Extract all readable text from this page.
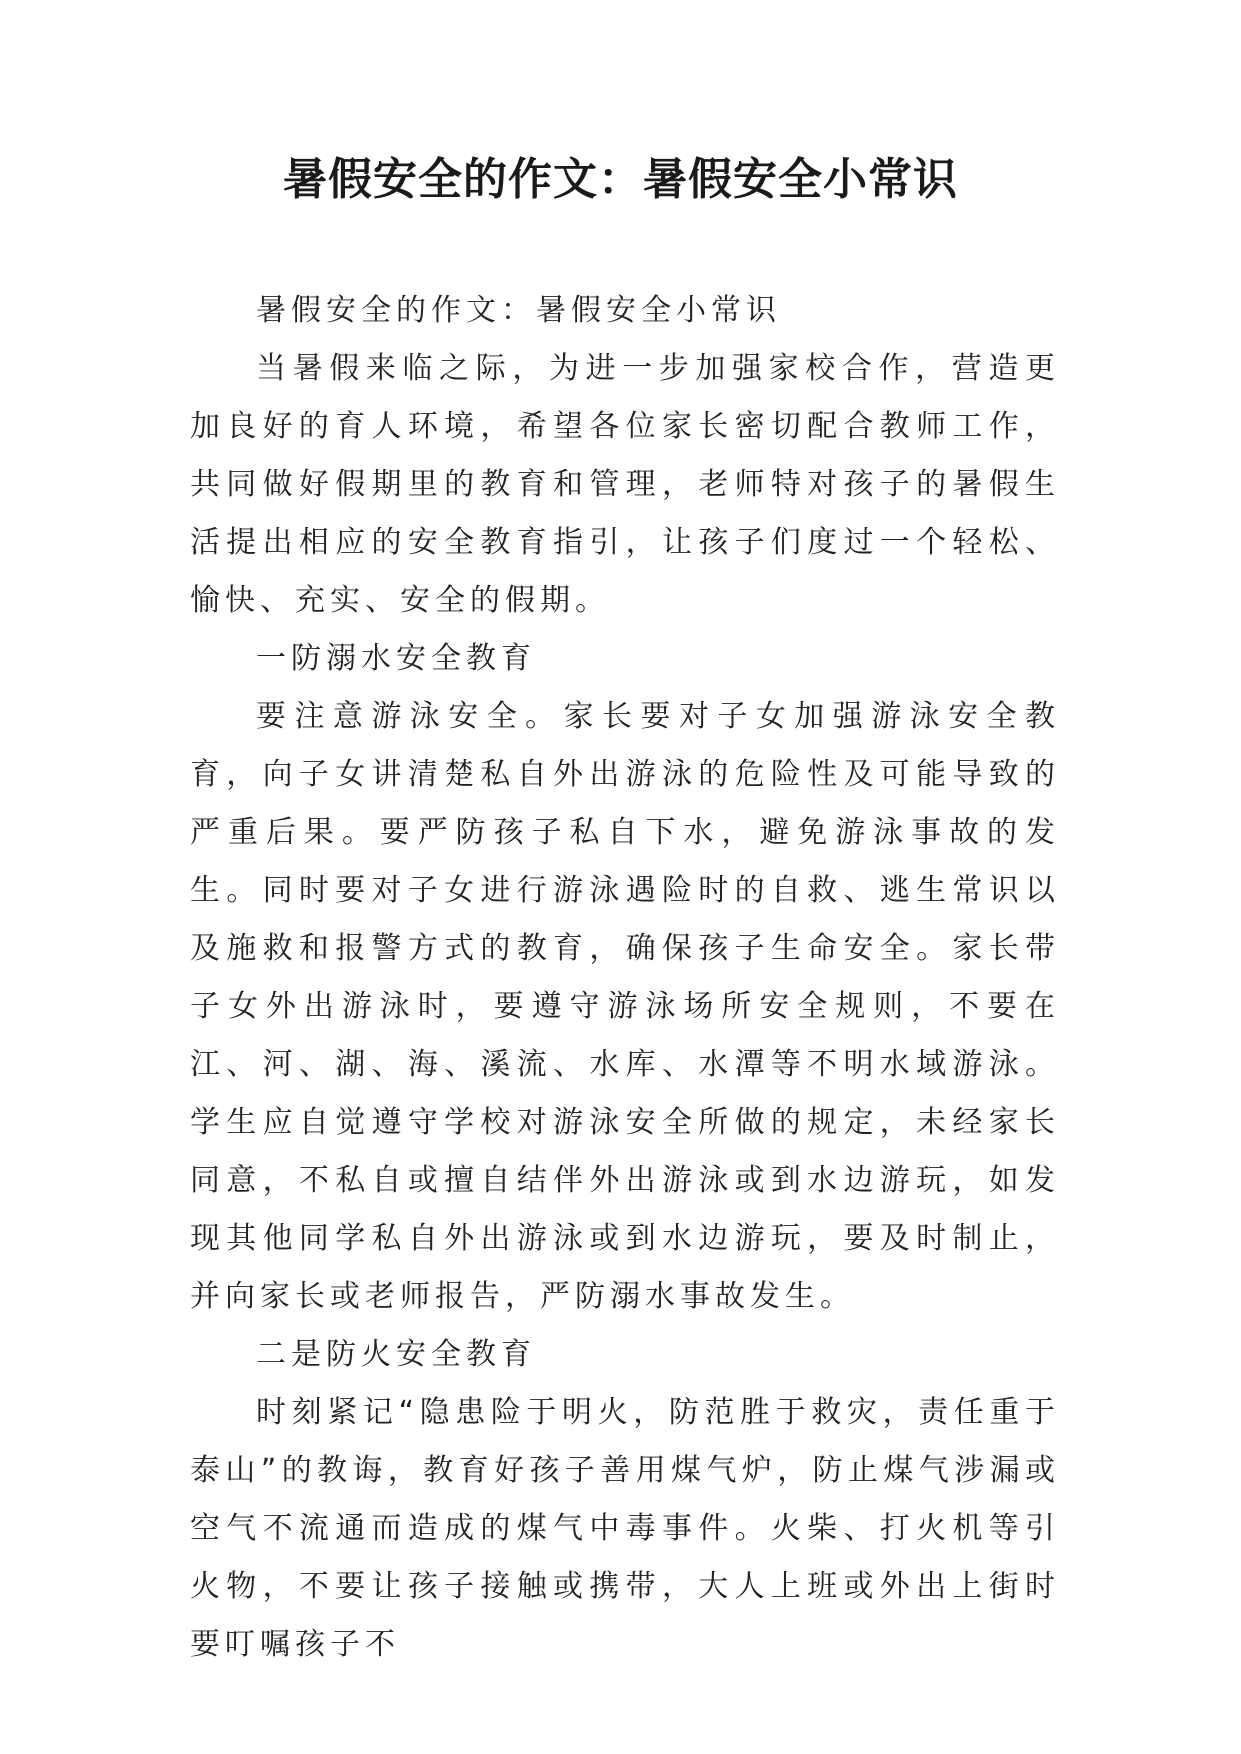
暑假安全的作文：暑假安全小常识

暑假安全的作文：暑假安全小常识

当暑假来临之际，为进一步加强家校合作，营造更加良好的育人环境，希望各位家长密切配合教师工作，共同做好假期里的教育和管理，老师特对孩子的暑假生活提出相应的安全教育指引，让孩子们度过一个轻松、愉快、充实、安全的假期。

一防溺水安全教育

要注意游泳安全。家长要对子女加强游泳安全教育，向子女讲清楚私自外出游泳的危险性及可能导致的严重后果。要严防孩子私自下水，避免游泳事故的发生。同时要对子女进行游泳遇险时的自救、逃生常识以及施救和报警方式的教育，确保孩子生命安全。家长带子女外出游泳时，要遵守游泳场所安全规则，不要在江、河、湖、海、溪流、水库、水潭等不明水域游泳。学生应自觉遵守学校对游泳安全所做的规定，未经家长同意，不私自或擅自结伴外出游泳或到水边游玩，如发现其他同学私自外出游泳或到水边游玩，要及时制止，并向家长或老师报告，严防溺水事故发生。

二是防火安全教育

时刻紧记“隐患险于明火，防范胜于救灾，责任重于泰山”的教诲，教育好孩子善用煤气炉，防止煤气涉漏或空气不流通而造成的煤气中毒事件。火柴、打火机等引火物，不要让孩子接触或携带，大人上班或外出上街时要叮嘱孩子不
